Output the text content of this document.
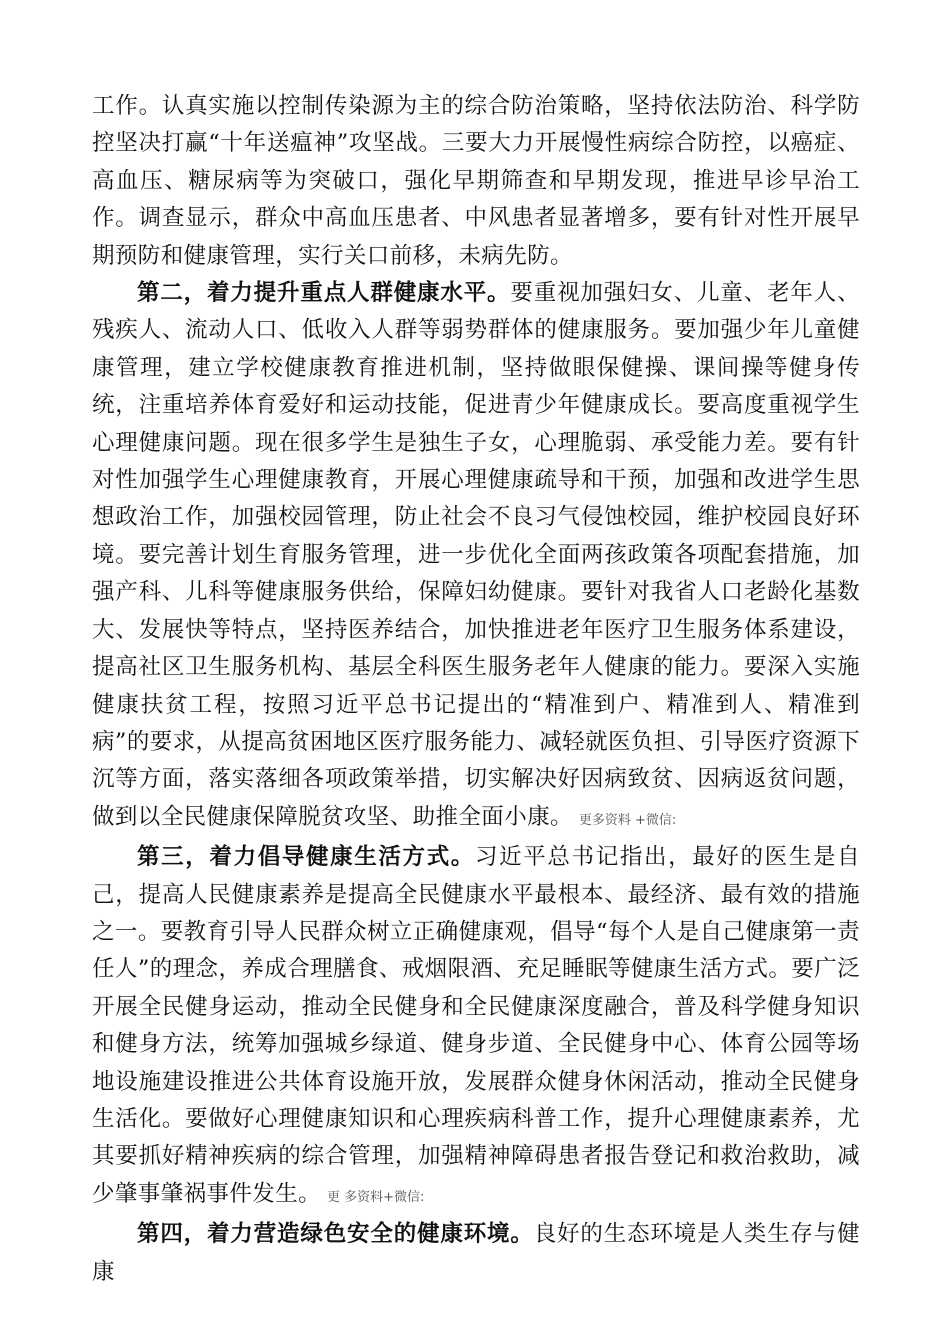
工作。认真实施以控制传染源为主的综合防治策略，坚持依法防治、科学防控坚决打赢“十年送瘟神”攻坚战。三要大力开展慢性病综合防控，以癌症、高血压、糖尿病等为突破口，强化早期筛查和早期发现，推进早诊早治工作。调查显示，群众中高血压患者、中风患者显著增多，要有针对性开展早期预防和健康管理，实行关口前移，未病先防。

第二，着力提升重点人群健康水平。要重视加强妇女、儿童、老年人、残疾人、流动人口、低收入人群等弱势群体的健康服务。要加强少年儿童健康管理，建立学校健康教育推进机制，坚持做眼保健操、课间操等健身传统，注重培养体育爱好和运动技能，促进青少年健康成长。要高度重视学生心理健康问题。现在很多学生是独生子女，心理脆弱、承受能力差。要有针对性加强学生心理健康教育，开展心理健康疏导和干预，加强和改进学生思想政治工作，加强校园管理，防止社会不良习气侵蚀校园，维护校园良好环境。要完善计划生育服务管理，进一步优化全面两孩政策各项配套措施，加强产科、儿科等健康服务供给，保障妇幼健康。要针对我省人口老龄化基数大、发展快等特点，坚持医养结合，加快推进老年医疗卫生服务体系建设，提高社区卫生服务机构、基层全科医生服务老年人健康的能力。要深入实施健康扶贫工程，按照习近平总书记提出的“精准到户、精准到人、精准到病”的要求，从提高贫困地区医疗服务能力、减轻就医负担、引导医疗资源下沉等方面，落实落细各项政策举措，切实解决好因病致贫、因病返贫问题，做到以全民健康保障脱贫攻坚、助推全面小康。 更多资料 +微信:

第三，着力倡导健康生活方式。习近平总书记指出，最好的医生是自己，提高人民健康素养是提高全民健康水平最根本、最经济、最有效的措施之一。要教育引导人民群众树立正确健康观，倡导“每个人是自己健康第一责任人”的理念，养成合理膳食、戒烟限酒、充足睡眠等健康生活方式。要广泛开展全民健身运动，推动全民健身和全民健康深度融合，普及科学健身知识和健身方法，统筹加强城乡绿道、健身步道、全民健身中心、体育公园等场地设施建设推进公共体育设施开放，发展群众健身休闲活动，推动全民健身生活化。要做好心理健康知识和心理疾病科普工作，提升心理健康素养，尤其要抓好精神疾病的综合管理，加强精神障碍患者报告登记和救治救助，减少肇事肇祸事件发生。 更 多资料+微信:

第四，着力营造绿色安全的健康环境。良好的生态环境是人类生存与健康
